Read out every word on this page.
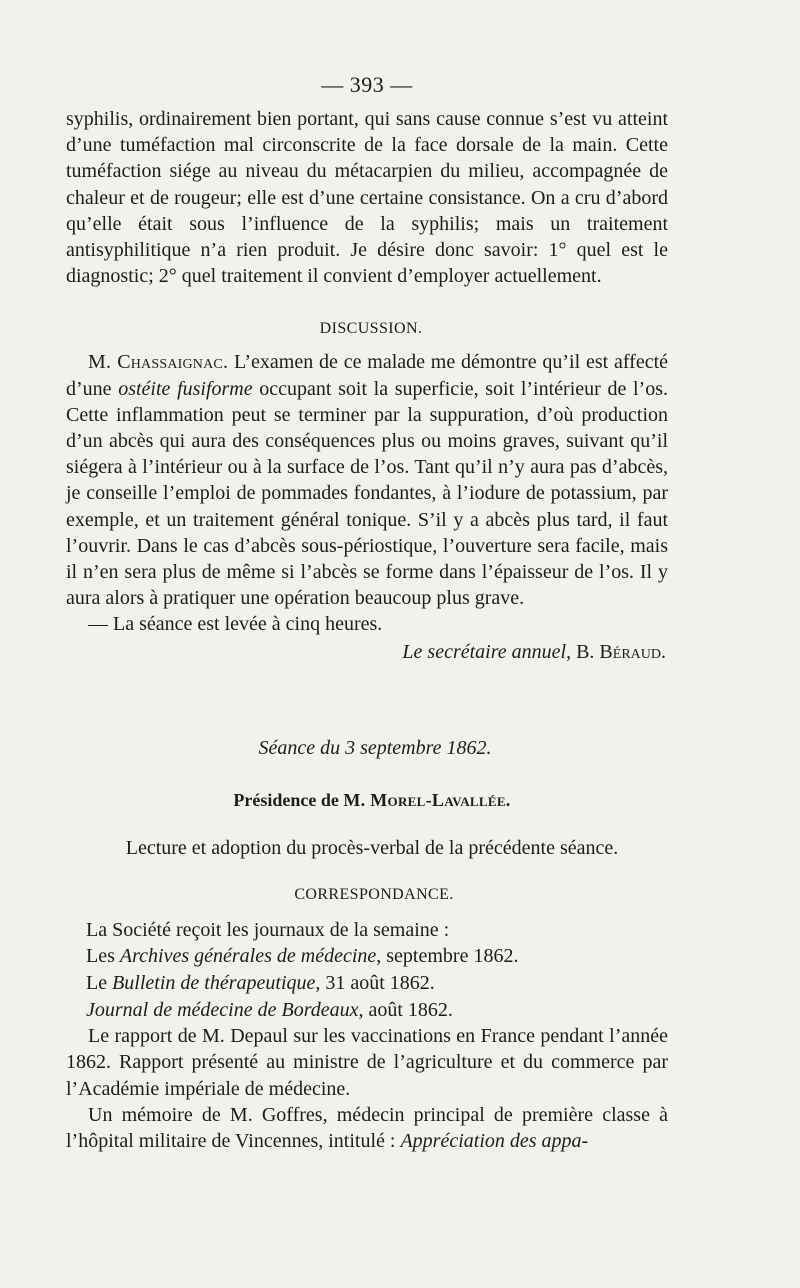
— 393 —

syphilis, ordinairement bien portant, qui sans cause connue s’est vu atteint d’une tuméfaction mal circonscrite de la face dorsale de la main. Cette tuméfaction siége au niveau du métacarpien du milieu, accompagnée de chaleur et de rougeur; elle est d’une certaine consistance. On a cru d’abord qu’elle était sous l’influence de la syphilis; mais un traitement antisyphilitique n’a rien produit. Je désire donc savoir: 1° quel est le diagnostic; 2° quel traitement il convient d’employer actuellement.

DISCUSSION.

M. Chassaignac. L’examen de ce malade me démontre qu’il est affecté d’une ostéite fusiforme occupant soit la superficie, soit l’intérieur de l’os. Cette inflammation peut se terminer par la suppuration, d’où production d’un abcès qui aura des conséquences plus ou moins graves, suivant qu’il siégera à l’intérieur ou à la surface de l’os. Tant qu’il n’y aura pas d’abcès, je conseille l’emploi de pommades fondantes, à l’iodure de potassium, par exemple, et un traitement général tonique. S’il y a abcès plus tard, il faut l’ouvrir. Dans le cas d’abcès sous-périostique, l’ouverture sera facile, mais il n’en sera plus de même si l’abcès se forme dans l’épaisseur de l’os. Il y aura alors à pratiquer une opération beaucoup plus grave.

— La séance est levée à cinq heures.

Le secrétaire annuel, B. Béraud.

Séance du 3 septembre 1862.
Présidence de M. Morel-Lavallée.

Lecture et adoption du procès-verbal de la précédente séance.

CORRESPONDANCE.

La Société reçoit les journaux de la semaine :

Les Archives générales de médecine, septembre 1862.

Le Bulletin de thérapeutique, 31 août 1862.

Journal de médecine de Bordeaux, août 1862.

Le rapport de M. Depaul sur les vaccinations en France pendant l’année 1862. Rapport présenté au ministre de l’agriculture et du commerce par l’Académie impériale de médecine.

Un mémoire de M. Goffres, médecin principal de première classe à l’hôpital militaire de Vincennes, intitulé : Appréciation des appa-
